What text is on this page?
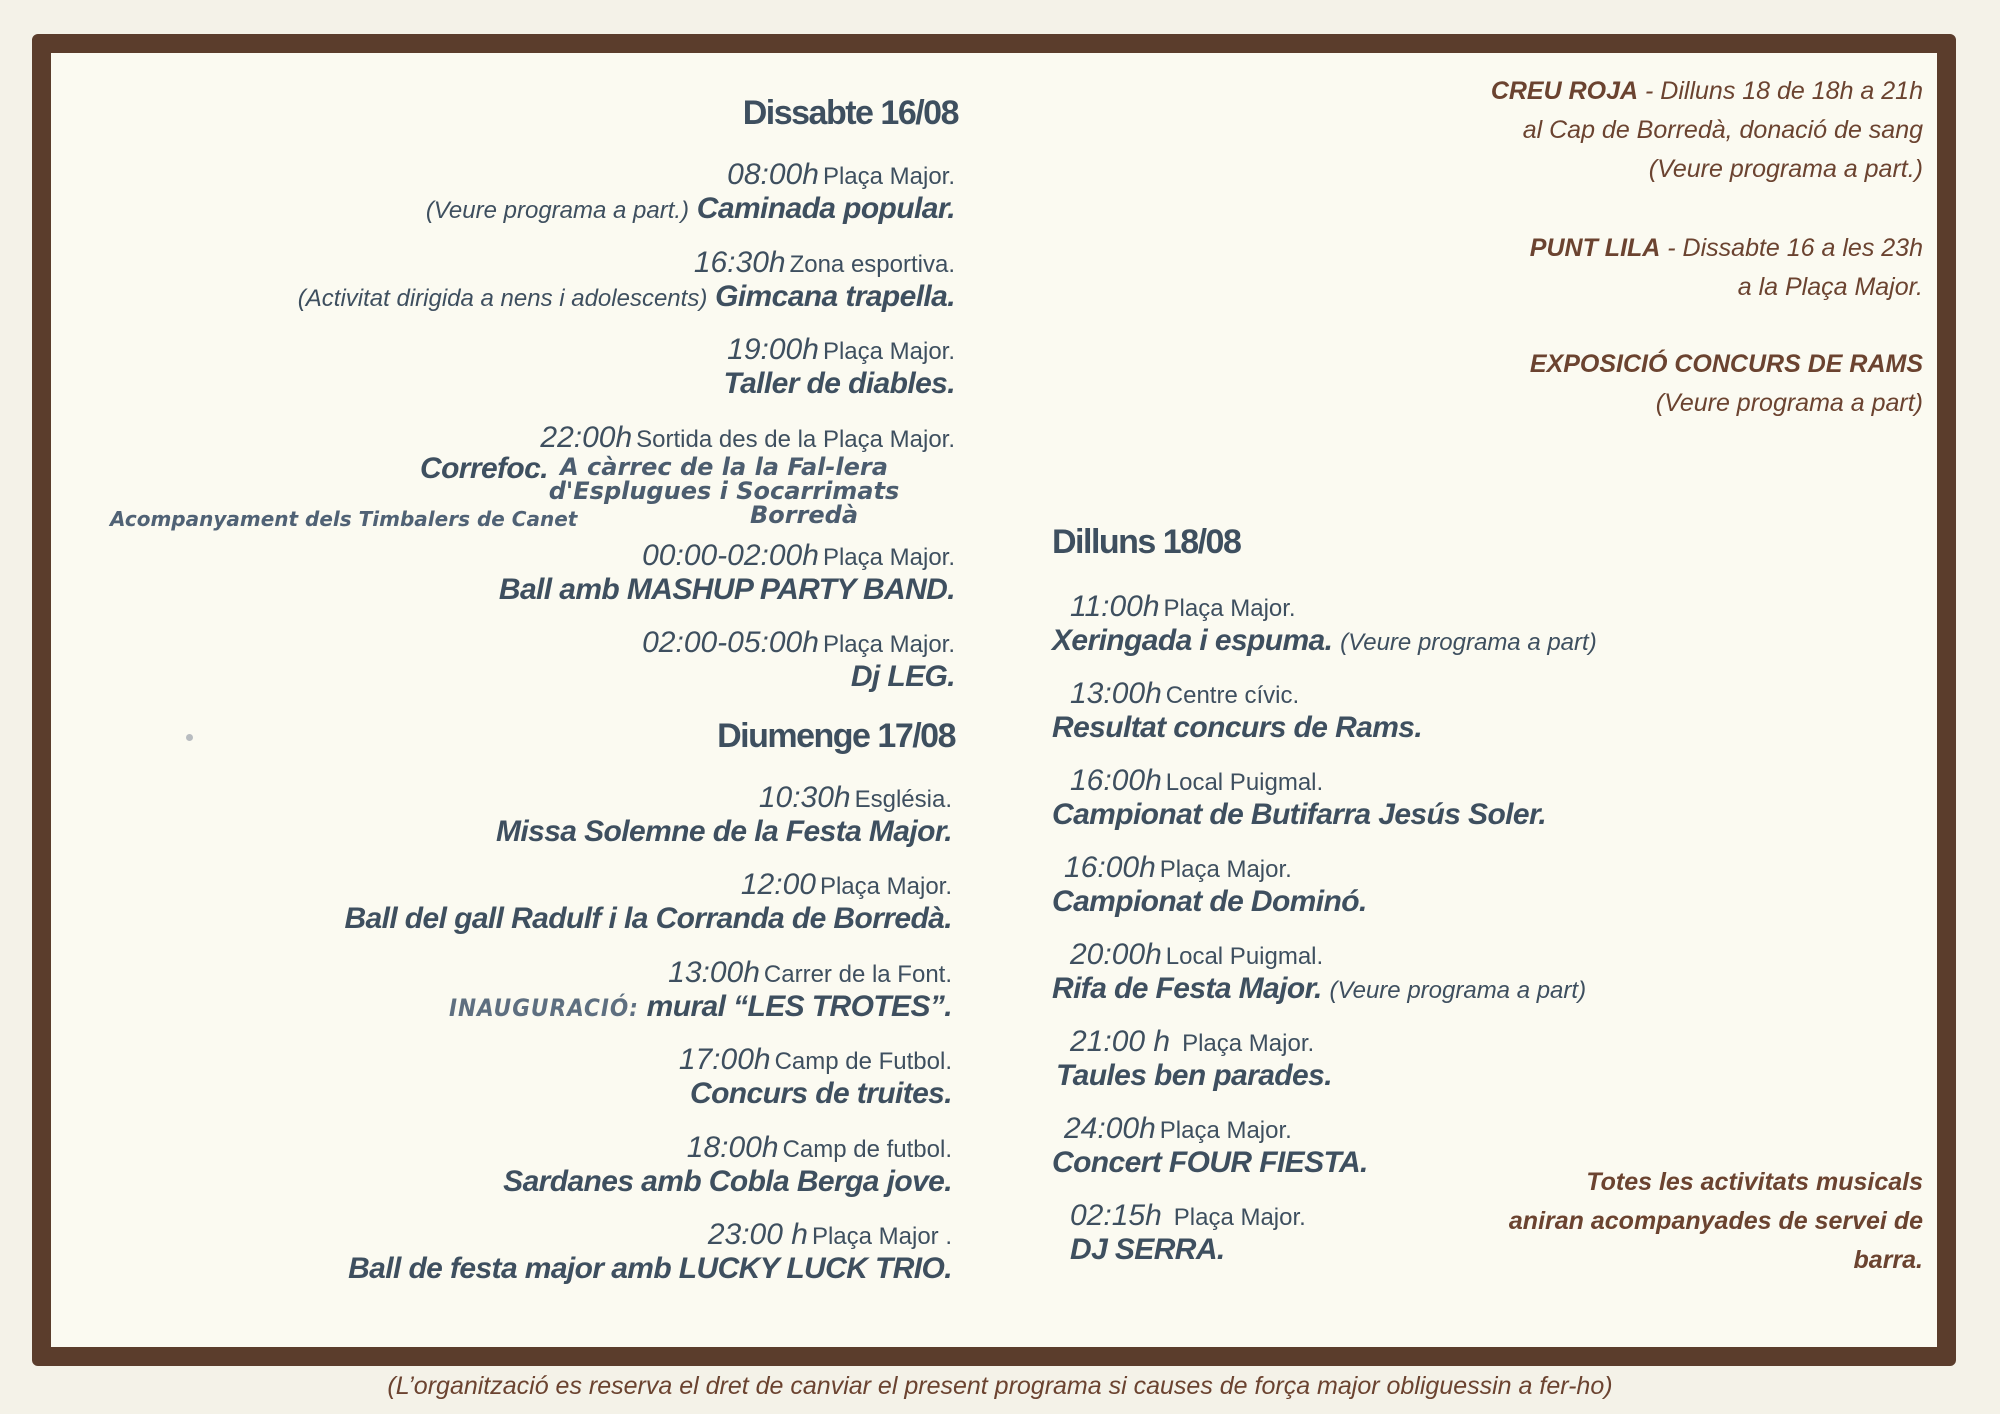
Dissabte 16/08
08:00h Plaça Major.
(Veure programa a part.) Caminada popular.
16:30h Zona esportiva.
(Activitat dirigida a nens i adolescents) Gimcana trapella.
19:00h Plaça Major.
Taller de diables.
22:00h Sortida des de la Plaça Major.
Correfoc. A càrrec de la la Fal-lera
d'Esplugues i Socarrimats
Borredà
Acompanyament dels Timbalers de Canet
00:00-02:00h Plaça Major.
Ball amb MASHUP PARTY BAND.
02:00-05:00h Plaça Major.
Dj LEG.
Diumenge 17/08
10:30h Església.
Missa Solemne de la Festa Major.
12:00 Plaça Major.
Ball del gall Radulf i la Corranda de Borredà.
13:00h Carrer de la Font.
INAUGURACIÓ: mural “LES TROTES”.
17:00h Camp de Futbol.
Concurs de truites.
18:00h Camp de futbol.
Sardanes amb Cobla Berga jove.
23:00 h Plaça Major .
Ball de festa major amb LUCKY LUCK TRIO.
Dilluns 18/08
11:00h Plaça Major.
Xeringada i espuma. (Veure programa a part)
13:00h Centre cívic.
Resultat concurs de Rams.
16:00h Local Puigmal.
Campionat de Butifarra Jesús Soler.
16:00h Plaça Major.
Campionat de Dominó.
20:00h Local Puigmal.
Rifa de Festa Major. (Veure programa a part)
21:00 h Plaça Major.
Taules ben parades.
24:00h Plaça Major.
Concert FOUR FIESTA.
02:15h Plaça Major.
DJ SERRA.
CREU ROJA - Dilluns 18 de 18h a 21h
al Cap de Borredà, donació de sang
(Veure programa a part.)
PUNT LILA - Dissabte 16 a les 23h
a la Plaça Major.
EXPOSICIÓ CONCURS DE RAMS
(Veure programa a part)
Totes les activitats musicals
aniran acompanyades de servei de
barra.
(L’organització es reserva el dret de canviar el present programa si causes de força major obliguessin a fer-ho)
